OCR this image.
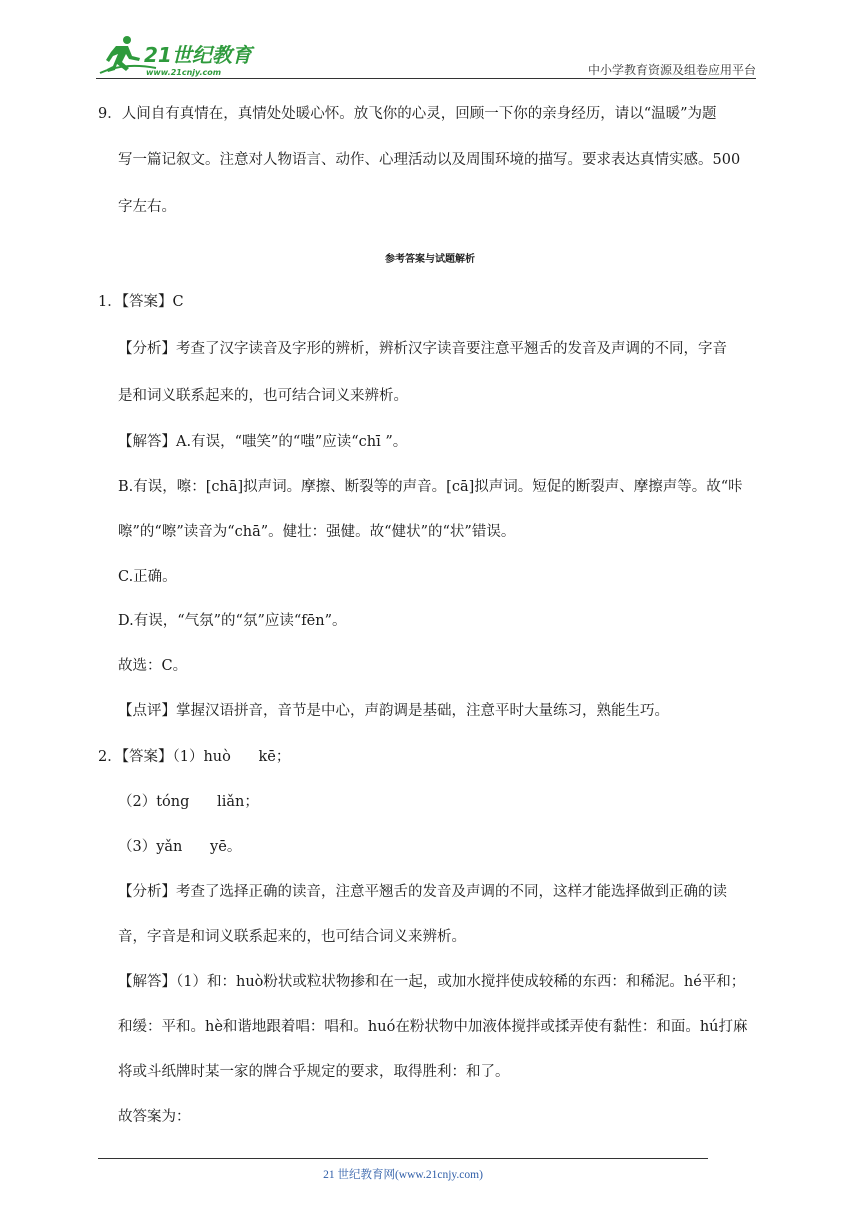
21世纪教育
www.21cnjy.com	中小学教育资源及组卷应用平台
9．人间自有真情在，真情处处暖心怀。放飞你的心灵，回顾一下你的亲身经历，请以“温暖”为题
写一篇记叙文。注意对人物语言、动作、心理活动以及周围环境的描写。要求表达真情实感。500
字左右。
参考答案与试题解析
1．【答案】C
【分析】考查了汉字读音及字形的辨析，辨析汉字读音要注意平翘舌的发音及声调的不同，字音
是和词义联系起来的，也可结合词义来辨析。
【解答】A.有误，“嗤笑”的“嗤”应读“chī ”。
B.有误，嚓：[chā]拟声词。摩擦、断裂等的声音。[cā]拟声词。短促的断裂声、摩擦声等。故“咔
嚓”的“嚓”读音为“chā”。健壮：强健。故“健状”的“状”错误。
C.正确。
D.有误，“气氛”的“氛”应读“fēn”。
故选：C。
【点评】掌握汉语拼音，音节是中心，声韵调是基础，注意平时大量练习，熟能生巧。
2．【答案】（1）huò      kē；
（2）tóng      liǎn；
（3）yǎn      yē。
【分析】考查了选择正确的读音，注意平翘舌的发音及声调的不同，这样才能选择做到正确的读
音，字音是和词义联系起来的，也可结合词义来辨析。
【解答】（1）和：huò粉状或粒状物掺和在一起，或加水搅拌使成较稀的东西：和稀泥。hé平和；
和缓：平和。hè和谐地跟着唱：唱和。huó在粉状物中加液体搅拌或揉弄使有黏性：和面。hú打麻
将或斗纸牌时某一家的牌合乎规定的要求，取得胜利：和了。
故答案为：
21 世纪教育网(www.21cnjy.com)
